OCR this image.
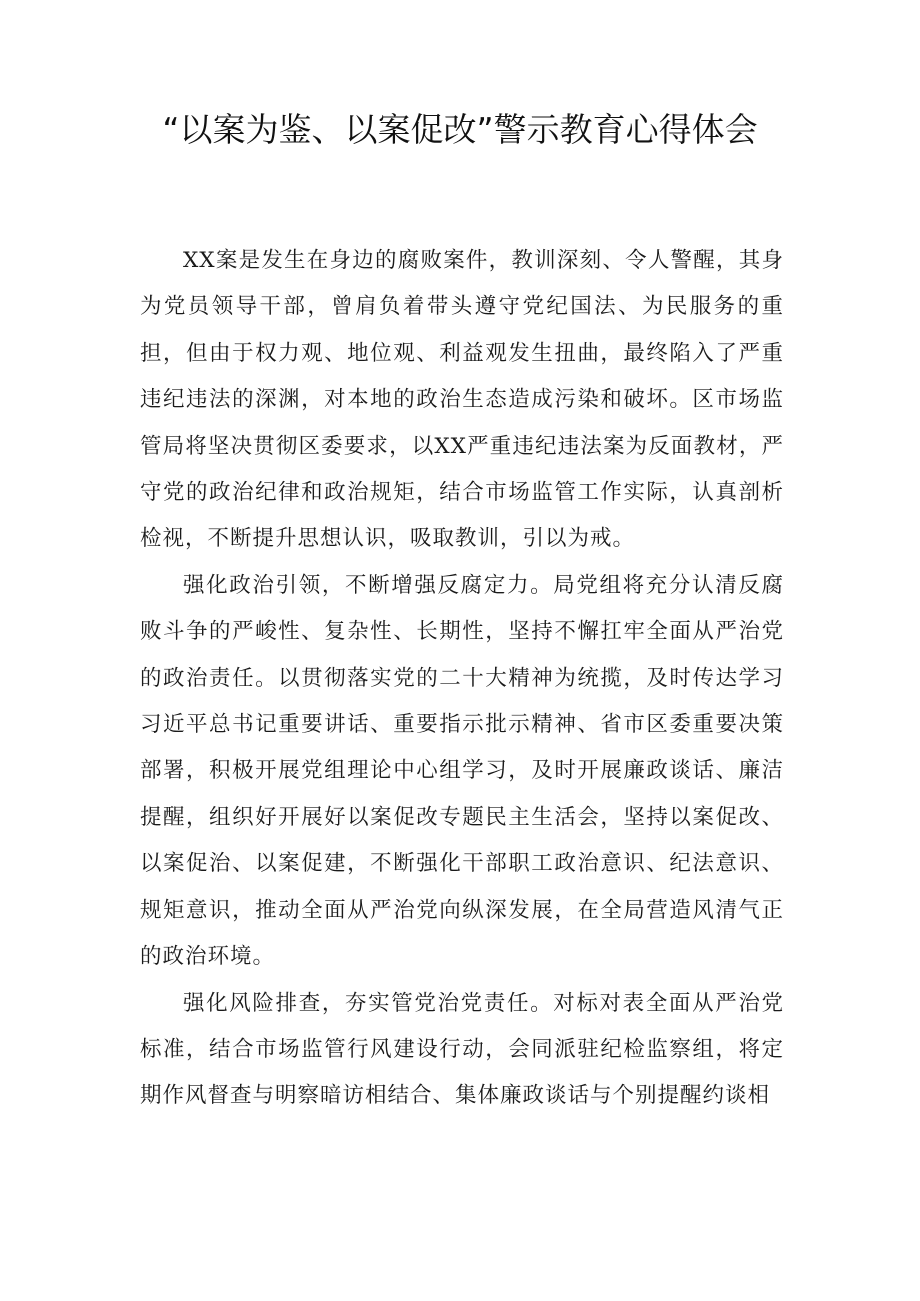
“以案为鉴、以案促改”警示教育心得体会

XX案是发生在身边的腐败案件，教训深刻、令人警醒，其身为党员领导干部，曾肩负着带头遵守党纪国法、为民服务的重担，但由于权力观、地位观、利益观发生扭曲，最终陷入了严重违纪违法的深渊，对本地的政治生态造成污染和破坏。区市场监管局将坚决贯彻区委要求，以XX严重违纪违法案为反面教材，严守党的政治纪律和政治规矩，结合市场监管工作实际，认真剖析检视，不断提升思想认识，吸取教训，引以为戒。

强化政治引领，不断增强反腐定力。局党组将充分认清反腐败斗争的严峻性、复杂性、长期性，坚持不懈扛牢全面从严治党的政治责任。以贯彻落实党的二十大精神为统揽，及时传达学习习近平总书记重要讲话、重要指示批示精神、省市区委重要决策部署，积极开展党组理论中心组学习，及时开展廉政谈话、廉洁提醒，组织好开展好以案促改专题民主生活会，坚持以案促改、以案促治、以案促建，不断强化干部职工政治意识、纪法意识、规矩意识，推动全面从严治党向纵深发展，在全局营造风清气正的政治环境。

强化风险排查，夯实管党治党责任。对标对表全面从严治党标准，结合市场监管行风建设行动，会同派驻纪检监察组，将定期作风督查与明察暗访相结合、集体廉政谈话与个别提醒约谈相
